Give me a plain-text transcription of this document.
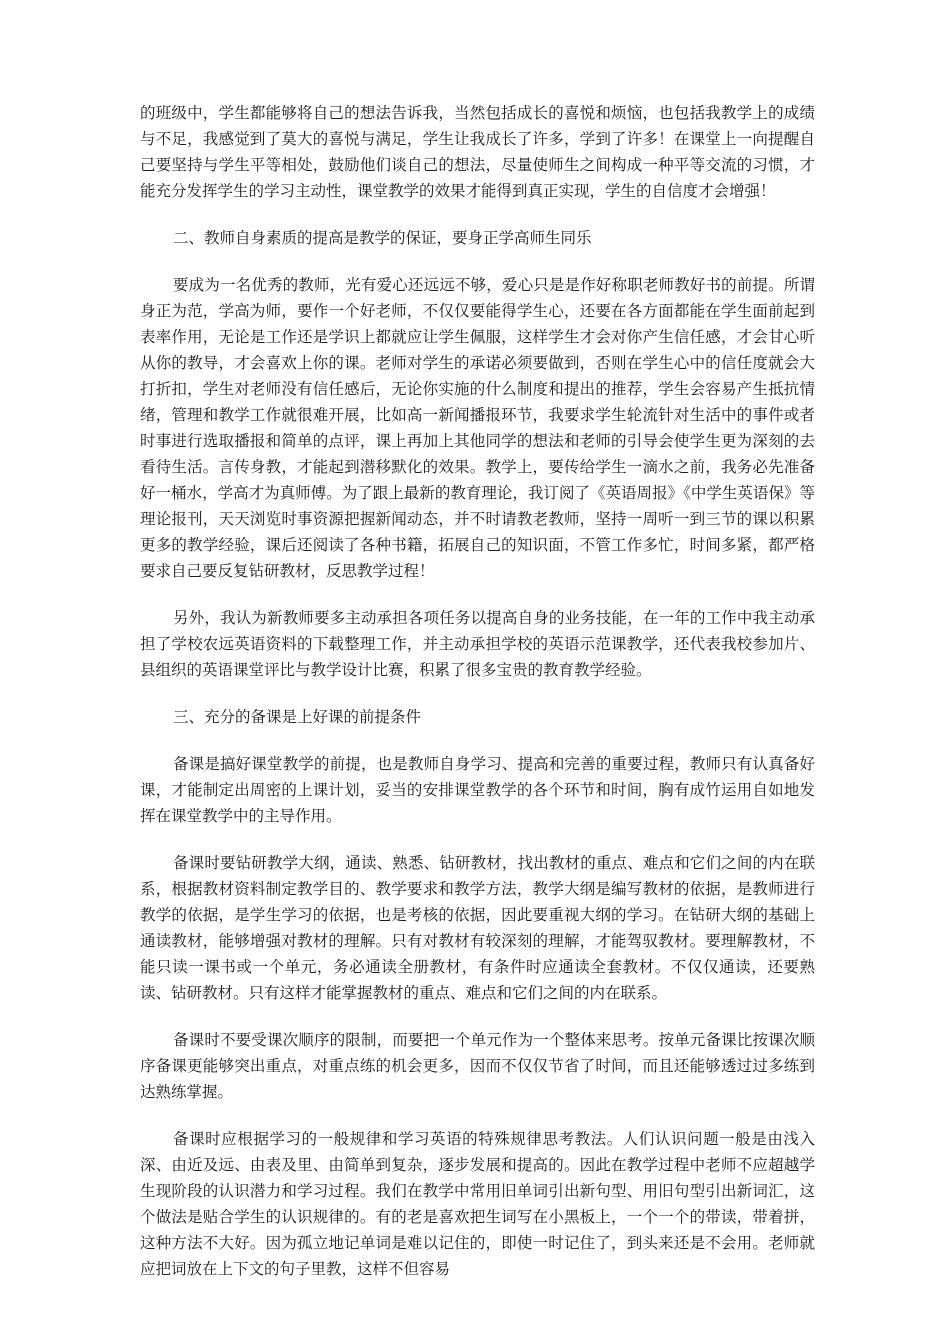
的班级中，学生都能够将自己的想法告诉我，当然包括成长的喜悦和烦恼，也包括我教学上的成绩与不足，我感觉到了莫大的喜悦与满足，学生让我成长了许多，学到了许多！在课堂上一向提醒自己要坚持与学生平等相处，鼓励他们谈自己的想法，尽量使师生之间构成一种平等交流的习惯，才能充分发挥学生的学习主动性，课堂教学的效果才能得到真正实现，学生的自信度才会增强！

二、教师自身素质的提高是教学的保证，要身正学高师生同乐

要成为一名优秀的教师，光有爱心还远远不够，爱心只是是作好称职老师教好书的前提。所谓身正为范，学高为师，要作一个好老师，不仅仅要能得学生心，还要在各方面都能在学生面前起到表率作用，无论是工作还是学识上都就应让学生佩服，这样学生才会对你产生信任感，才会甘心听从你的教导，才会喜欢上你的课。老师对学生的承诺必须要做到，否则在学生心中的信任度就会大打折扣，学生对老师没有信任感后，无论你实施的什么制度和提出的推荐，学生会容易产生抵抗情绪，管理和教学工作就很难开展，比如高一新闻播报环节，我要求学生轮流针对生活中的事件或者时事进行选取播报和简单的点评，课上再加上其他同学的想法和老师的引导会使学生更为深刻的去看待生活。言传身教，才能起到潜移默化的效果。教学上，要传给学生一滴水之前，我务必先准备好一桶水，学高才为真师傅。为了跟上最新的教育理论，我订阅了《英语周报》《中学生英语保》等理论报刊，天天浏览时事资源把握新闻动态，并不时请教老教师，坚持一周听一到三节的课以积累更多的教学经验，课后还阅读了各种书籍，拓展自己的知识面，不管工作多忙，时间多紧，都严格要求自己要反复钻研教材，反思教学过程！

另外，我认为新教师要多主动承担各项任务以提高自身的业务技能，在一年的工作中我主动承担了学校农远英语资料的下载整理工作，并主动承担学校的英语示范课教学，还代表我校参加片、县组织的英语课堂评比与教学设计比赛，积累了很多宝贵的教育教学经验。

三、充分的备课是上好课的前提条件

备课是搞好课堂教学的前提，也是教师自身学习、提高和完善的重要过程，教师只有认真备好课，才能制定出周密的上课计划，妥当的安排课堂教学的各个环节和时间，胸有成竹运用自如地发挥在课堂教学中的主导作用。

备课时要钻研教学大纲，通读、熟悉、钻研教材，找出教材的重点、难点和它们之间的内在联系，根据教材资料制定教学目的、教学要求和教学方法，教学大纲是编写教材的依据，是教师进行教学的依据，是学生学习的依据，也是考核的依据，因此要重视大纲的学习。在钻研大纲的基础上通读教材，能够增强对教材的理解。只有对教材有较深刻的理解，才能驾驭教材。要理解教材，不能只读一课书或一个单元，务必通读全册教材，有条件时应通读全套教材。不仅仅通读，还要熟读、钻研教材。只有这样才能掌握教材的重点、难点和它们之间的内在联系。

备课时不要受课次顺序的限制，而要把一个单元作为一个整体来思考。按单元备课比按课次顺序备课更能够突出重点，对重点练的机会更多，因而不仅仅节省了时间，而且还能够透过过多练到达熟练掌握。

备课时应根据学习的一般规律和学习英语的特殊规律思考教法。人们认识问题一般是由浅入深、由近及远、由表及里、由简单到复杂，逐步发展和提高的。因此在教学过程中老师不应超越学生现阶段的认识潜力和学习过程。我们在教学中常用旧单词引出新句型、用旧句型引出新词汇，这个做法是贴合学生的认识规律的。有的老是喜欢把生词写在小黑板上，一个一个的带读，带着拼，这种方法不大好。因为孤立地记单词是难以记住的，即使一时记住了，到头来还是不会用。老师就应把词放在上下文的句子里教，这样不但容易
